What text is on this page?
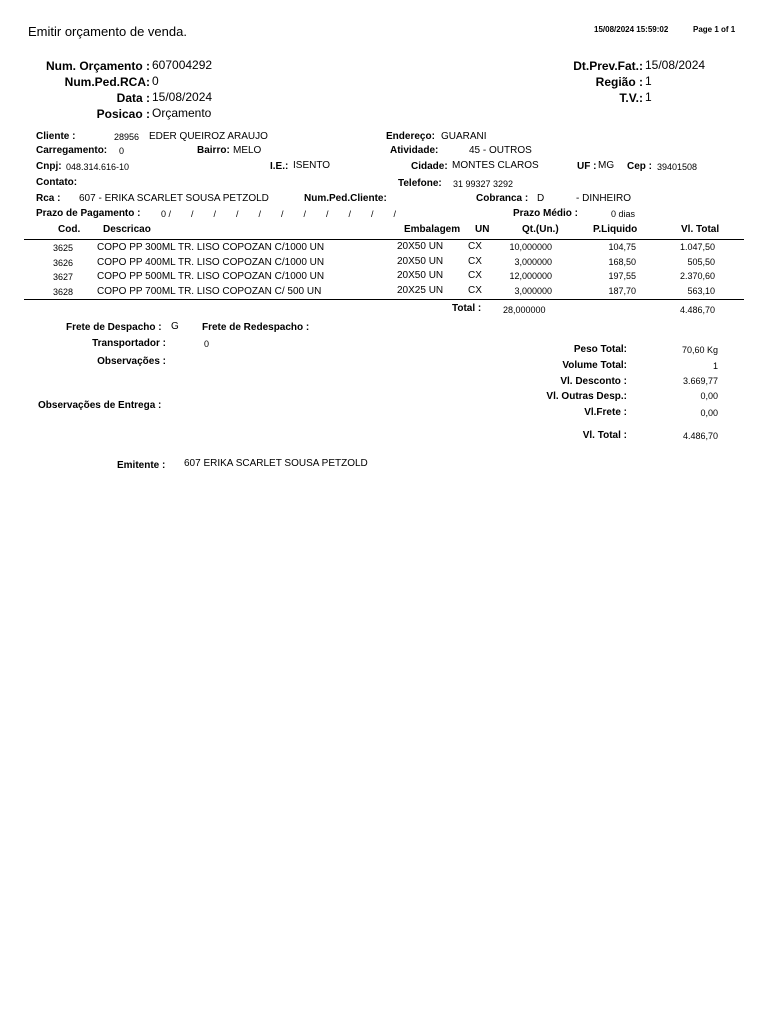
Emitir orçamento de venda.	15/08/2024 15:59:02	Page 1 of 1
Num. Orçamento : 607004292
Num.Ped.RCA: 0
Data : 15/08/2024
Posicao : Orçamento
Dt.Prev.Fat.: 15/08/2024
Região : 1
T.V.: 1
Cliente :	28956 EDER QUEIROZ ARAUJO	Endereço: GUARANI
Carregamento: 0	Bairro: MELO	Atividade:	45 - OUTROS
Cnpj: 048.314.616-10	I.E.: ISENTO	Cidade: MONTES CLAROS	UF : MG Cep : 39401508
Contato:	Telefone: 31 99327 3292
Rca : 607 - ERIKA SCARLET SOUSA PETZOLD	Num.Ped.Cliente:	Cobranca : D	- DINHEIRO
Prazo de Pagamento : 0 /        /        /        /        /        /        /        /        /        /        /	Prazo Médio :	0 dias
Cod. Descricao	Embalagem UN	Qt.(Un.)	P.Liquido	Vl. Total
3625 COPO PP 300ML TR. LISO COPOZAN C/1000 UN	20X50 UN CX	10,000000	104,75	1.047,50
3626 COPO PP 400ML TR. LISO COPOZAN C/1000 UN	20X50 UN CX	3,000000	168,50	505,50
3627 COPO PP 500ML TR. LISO COPOZAN C/1000 UN	20X50 UN CX	12,000000	197,55	2.370,60
3628 COPO PP 700ML TR. LISO COPOZAN C/ 500 UN	20X25 UN CX	3,000000	187,70	563,10
Total : 28,000000	4.486,70
Frete de Despacho : G Frete de Redespacho :
Transportador :	0
Observações :
Observações de Entrega :
Peso Total:	70,60 Kg
Volume Total:	1
Vl. Desconto :	3.669,77
Vl. Outras Desp.:	0,00
Vl.Frete :	0,00
Vl. Total :	4.486,70
Emitente : 607 ERIKA SCARLET SOUSA PETZOLD
